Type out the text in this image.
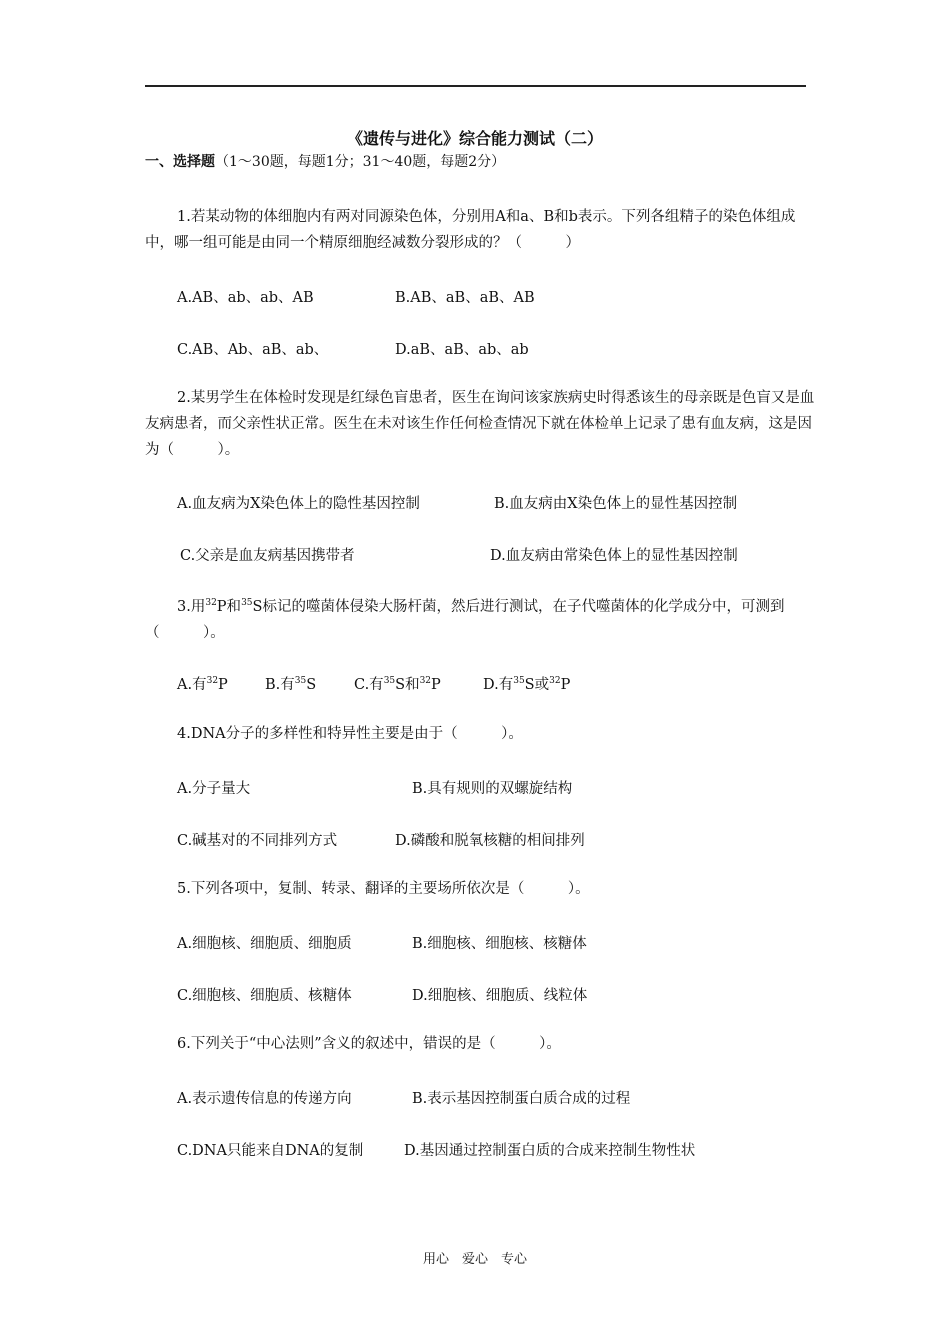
《遗传与进化》综合能力测试（二）
一、选择题（1～30题，每题1分；31～40题，每题2分）
1.若某动物的体细胞内有两对同源染色体，分别用A和a、B和b表示。下列各组精子的染色体组成中，哪一组可能是由同一个精原细胞经减数分裂形成的？（　　　）
A.AB、ab、ab、AB	B.AB、aB、aB、AB
C.AB、Ab、aB、ab、	D.aB、aB、ab、ab
2.某男学生在体检时发现是红绿色盲患者，医生在询问该家族病史时得悉该生的母亲既是色盲又是血友病患者，而父亲性状正常。医生在未对该生作任何检查情况下就在体检单上记录了患有血友病，这是因为（　　　）。
A.血友病为X染色体上的隐性基因控制	B.血友病由X染色体上的显性基因控制
C.父亲是血友病基因携带者	D.血友病由常染色体上的显性基因控制
3.用$^{32}$P和$^{35}$S标记的噬菌体侵染大肠杆菌，然后进行测试，在子代噬菌体的化学成分中，可测到（　　　）。
A.有$^{32}$P	B.有$^{35}$S	C.有$^{35}$S和$^{32}$P	D.有$^{35}$S或$^{32}$P
4.DNA分子的多样性和特异性主要是由于（　　　）。
A.分子量大	B.具有规则的双螺旋结构
C.碱基对的不同排列方式	D.磷酸和脱氧核糖的相间排列
5.下列各项中，复制、转录、翻译的主要场所依次是（　　　）。
A.细胞核、细胞质、细胞质	B.细胞核、细胞核、核糖体
C.细胞核、细胞质、核糖体	D.细胞核、细胞质、线粒体
6.下列关于“中心法则”含义的叙述中，错误的是（　　　）。
A.表示遗传信息的传递方向	B.表示基因控制蛋白质合成的过程
C.DNA只能来自DNA的复制	D.基因通过控制蛋白质的合成来控制生物性状
用心　爱心　专心
